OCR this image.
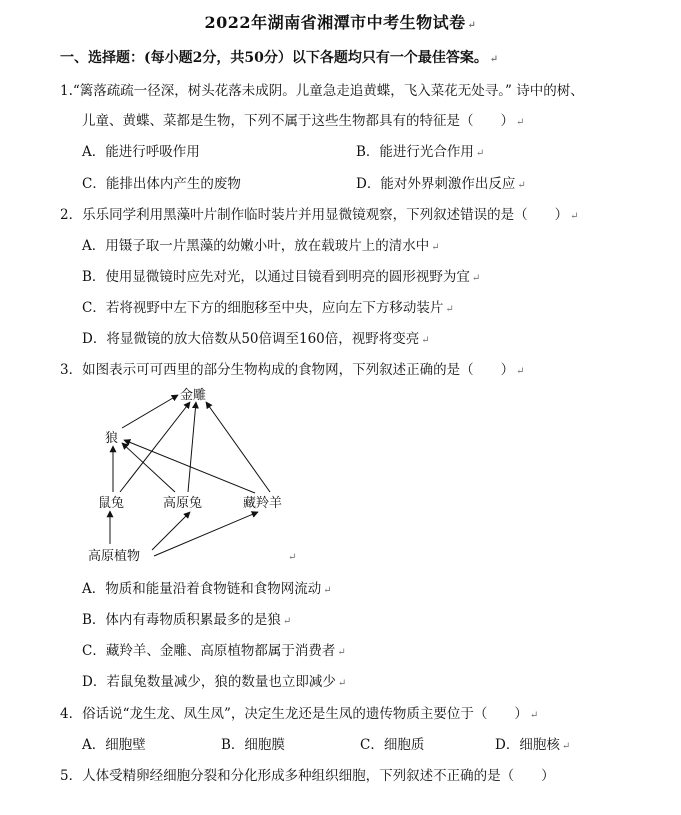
2022年湖南省湘潭市中考生物试卷 ↵
一、选择题：(每小题2分，共50分）以下各题均只有一个最佳答案。 ↵
1.“篱落疏疏一径深，树头花落未成阴。儿童急走追黄蝶，飞入菜花无处寻。” 诗中的树、
儿童、黄蝶、菜都是生物，下列不属于这些生物都具有的特征是（　　） ↵
A．能进行呼吸作用	B．能进行光合作用 ↵
C．能排出体内产生的废物	D．能对外界刺激作出反应 ↵
2．乐乐同学利用黑藻叶片制作临时装片并用显微镜观察，下列叙述错误的是（　　） ↵
A．用镊子取一片黑藻的幼嫩小叶，放在载玻片上的清水中 ↵
B．使用显微镜时应先对光，以通过目镜看到明亮的圆形视野为宜 ↵
C．若将视野中左下方的细胞移至中央，应向左下方移动装片 ↵
D．将显微镜的放大倍数从50倍调至160倍，视野将变亮 ↵
3．如图表示可可西里的部分生物构成的食物网，下列叙述正确的是（　　） ↵
金雕
狼
鼠兔	高原兔	藏羚羊
高原植物	↵
A．物质和能量沿着食物链和食物网流动 ↵
B．体内有毒物质积累最多的是狼 ↵
C．藏羚羊、金雕、高原植物都属于消费者 ↵
D．若鼠兔数量减少，狼的数量也立即减少 ↵
4．俗话说“龙生龙、凤生凤”，决定生龙还是生凤的遗传物质主要位于（　　） ↵
A．细胞壁	B．细胞膜	C．细胞质	D．细胞核 ↵
5．人体受精卵经细胞分裂和分化形成多种组织细胞，下列叙述不正确的是（　　）
